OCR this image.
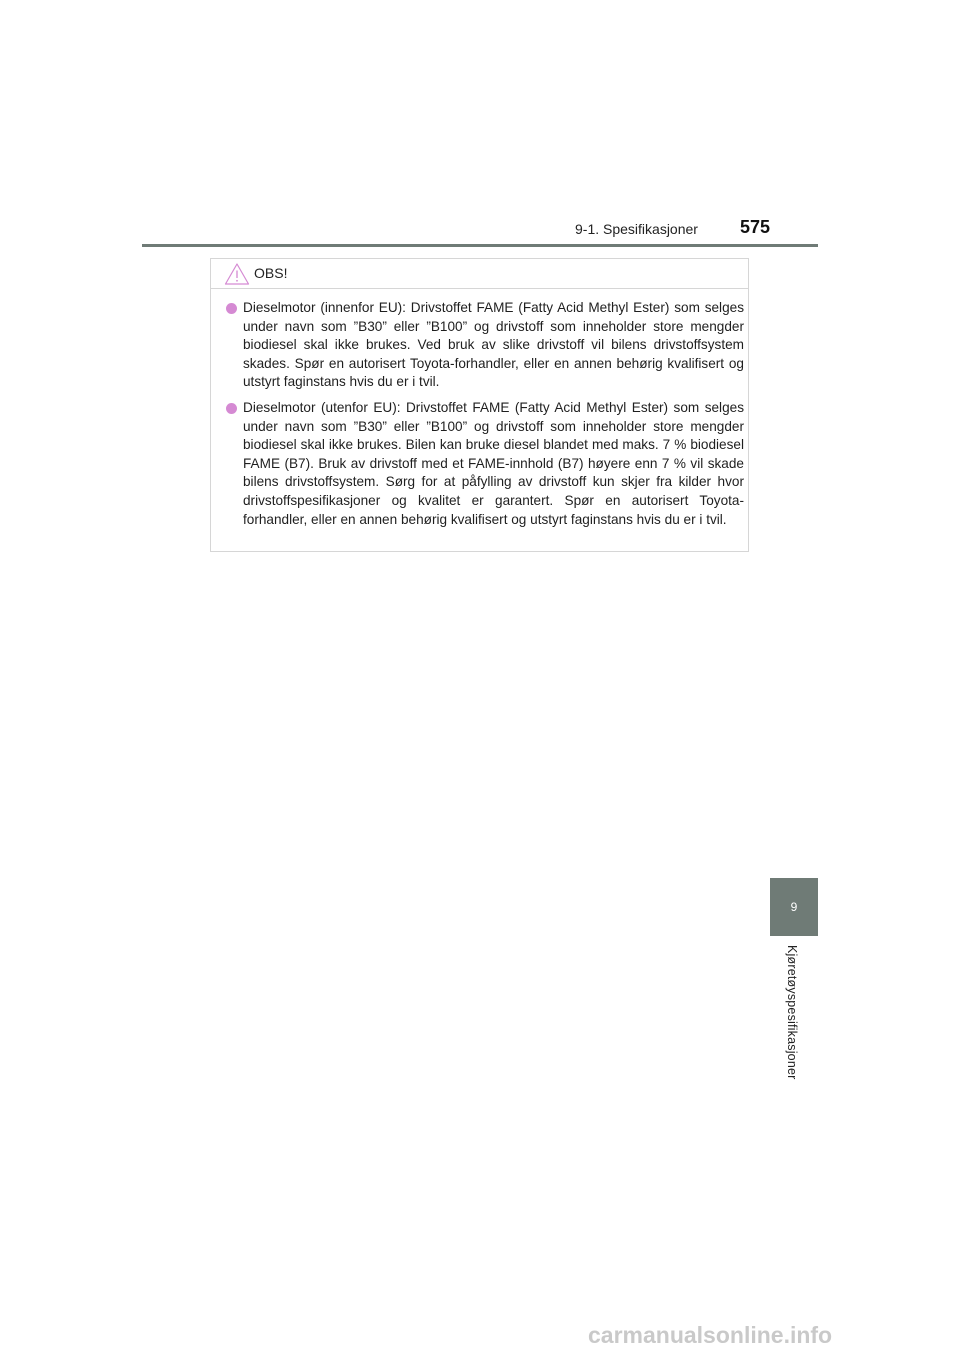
9-1. Spesifikasjoner 575
OBS!
Dieselmotor (innenfor EU): Drivstoffet FAME (Fatty Acid Methyl Ester) som selges under navn som ”B30” eller ”B100” og drivstoff som inneholder store mengder biodiesel skal ikke brukes. Ved bruk av slike drivstoff vil bilens drivstoffsystem skades. Spør en autorisert Toyota-forhandler, eller en annen behørig kvalifisert og utstyrt faginstans hvis du er i tvil.
Dieselmotor (utenfor EU): Drivstoffet FAME (Fatty Acid Methyl Ester) som selges under navn som ”B30” eller ”B100” og drivstoff som inneholder store mengder biodiesel skal ikke brukes. Bilen kan bruke diesel blandet med maks. 7 % biodiesel FAME (B7). Bruk av drivstoff med et FAME-innhold (B7) høyere enn 7 % vil skade bilens drivstoffsystem. Sørg for at påfylling av drivstoff kun skjer fra kilder hvor drivstoffspesifikasjoner og kvalitet er garantert. Spør en autorisert Toyota-forhandler, eller en annen behørig kvalifisert og utstyrt faginstans hvis du er i tvil.
9
Kjøretøyspesifikasjoner
carmanualsonline.info
